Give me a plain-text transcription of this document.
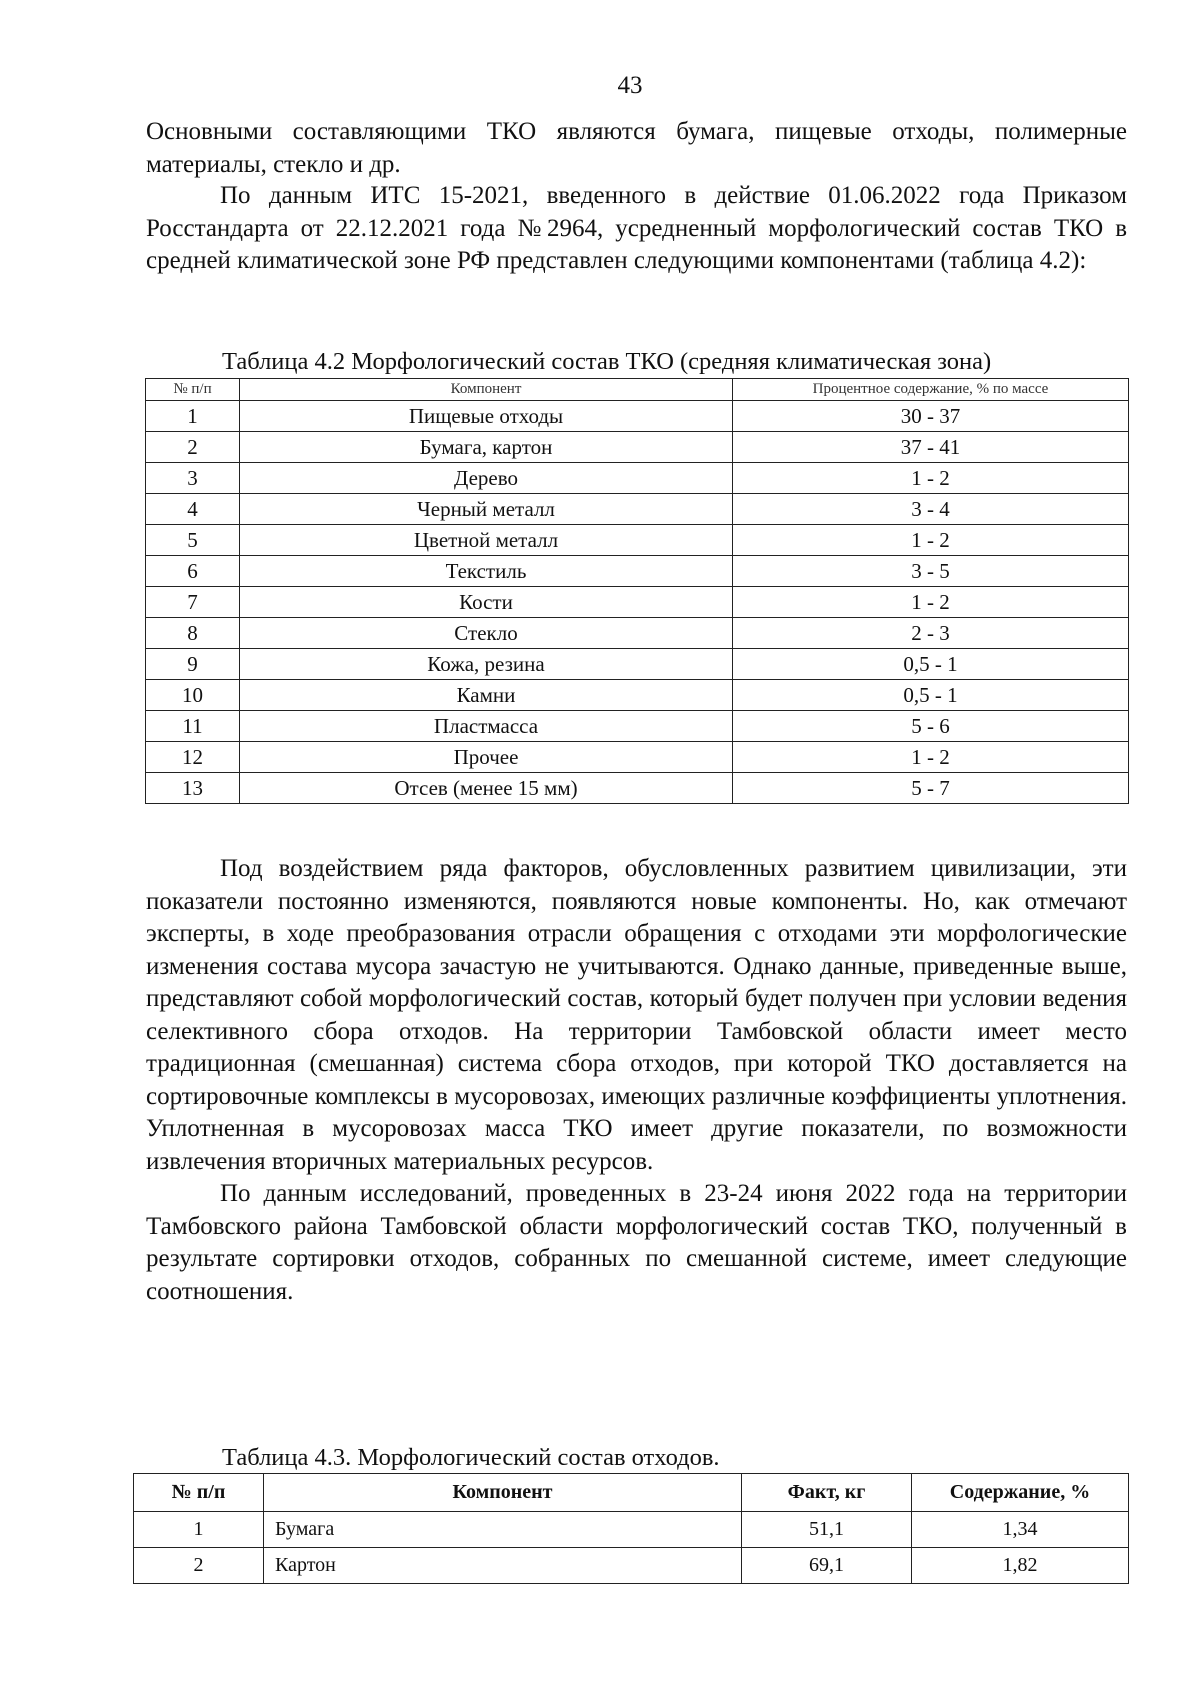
43

Основными составляющими ТКО являются бумага, пищевые отходы, полимерные материалы, стекло и др.

По данным ИТС 15-2021, введенного в действие 01.06.2022 года Приказом Росстандарта от 22.12.2021 года №2964, усредненный морфологический состав ТКО в средней климатической зоне РФ представлен следующими компонентами (таблица 4.2):

Таблица 4.2 Морфологический состав ТКО (средняя климатическая зона)
№ п/п	Компонент	Процентное содержание, % по массе
1	Пищевые отходы	30 - 37
2	Бумага, картон	37 - 41
3	Дерево	1 - 2
4	Черный металл	3 - 4
5	Цветной металл	1 - 2
6	Текстиль	3 - 5
7	Кости	1 - 2
8	Стекло	2 - 3
9	Кожа, резина	0,5 - 1
10	Камни	0,5 - 1
11	Пластмасса	5 - 6
12	Прочее	1 - 2
13	Отсев (менее 15 мм)	5 - 7

Под воздействием ряда факторов, обусловленных развитием цивилизации, эти показатели постоянно изменяются, появляются новые компоненты. Но, как отмечают эксперты, в ходе преобразования отрасли обращения с отходами эти морфологические изменения состава мусора зачастую не учитываются. Однако данные, приведенные выше, представляют собой морфологический состав, который будет получен при условии ведения селективного сбора отходов. На территории Тамбовской области имеет место традиционная (смешанная) система сбора отходов, при которой ТКО доставляется на сортировочные комплексы в мусоровозах, имеющих различные коэффициенты уплотнения. Уплотненная в мусоровозах масса ТКО имеет другие показатели, по возможности извлечения вторичных материальных ресурсов.

По данным исследований, проведенных в 23-24 июня 2022 года на территории Тамбовского района Тамбовской области морфологический состав ТКО, полученный в результате сортировки отходов, собранных по смешанной системе, имеет следующие соотношения.

Таблица 4.3. Морфологический состав отходов.
№ п/п	Компонент	Факт, кг	Содержание, %
1	Бумага	51,1	1,34
2	Картон	69,1	1,82
